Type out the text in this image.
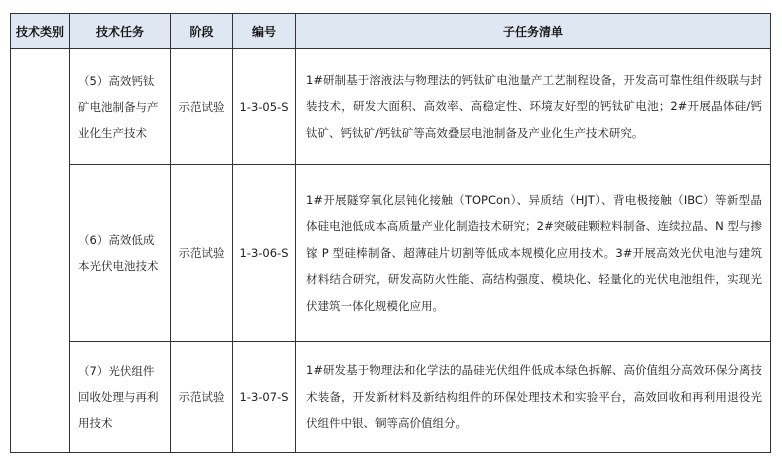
技术类别	技术任务	阶段	编号	子任务清单

	（5）高效钙钛矿电池制备与产业化生产技术	示范试验	1-3-05-S	1#研制基于溶液法与物理法的钙钛矿电池量产工艺制程设备，开发高可靠性组件级联与封装技术，研发大面积、高效率、高稳定性、环境友好型的钙钛矿电池；2#开展晶体硅/钙钛矿、钙钛矿/钙钛矿等高效叠层电池制备及产业化生产技术研究。

	（6）高效低成本光伏电池技术	示范试验	1-3-06-S	1#开展隧穿氧化层钝化接触（TOPCon）、异质结（HJT）、背电极接触（IBC）等新型晶体硅电池低成本高质量产业化制造技术研究；2#突破硅颗粒料制备、连续拉晶、N 型与掺镓 P 型硅棒制备、超薄硅片切割等低成本规模化应用技术。3#开展高效光伏电池与建筑材料结合研究，研发高防火性能、高结构强度、模块化、轻量化的光伏电池组件，实现光伏建筑一体化规模化应用。

	（7）光伏组件回收处理与再利用技术	示范试验	1-3-07-S	1#研发基于物理法和化学法的晶硅光伏组件低成本绿色拆解、高价值组分高效环保分离技术装备，开发新材料及新结构组件的环保处理技术和实验平台，高效回收和再利用退役光伏组件中银、铜等高价值组分。
